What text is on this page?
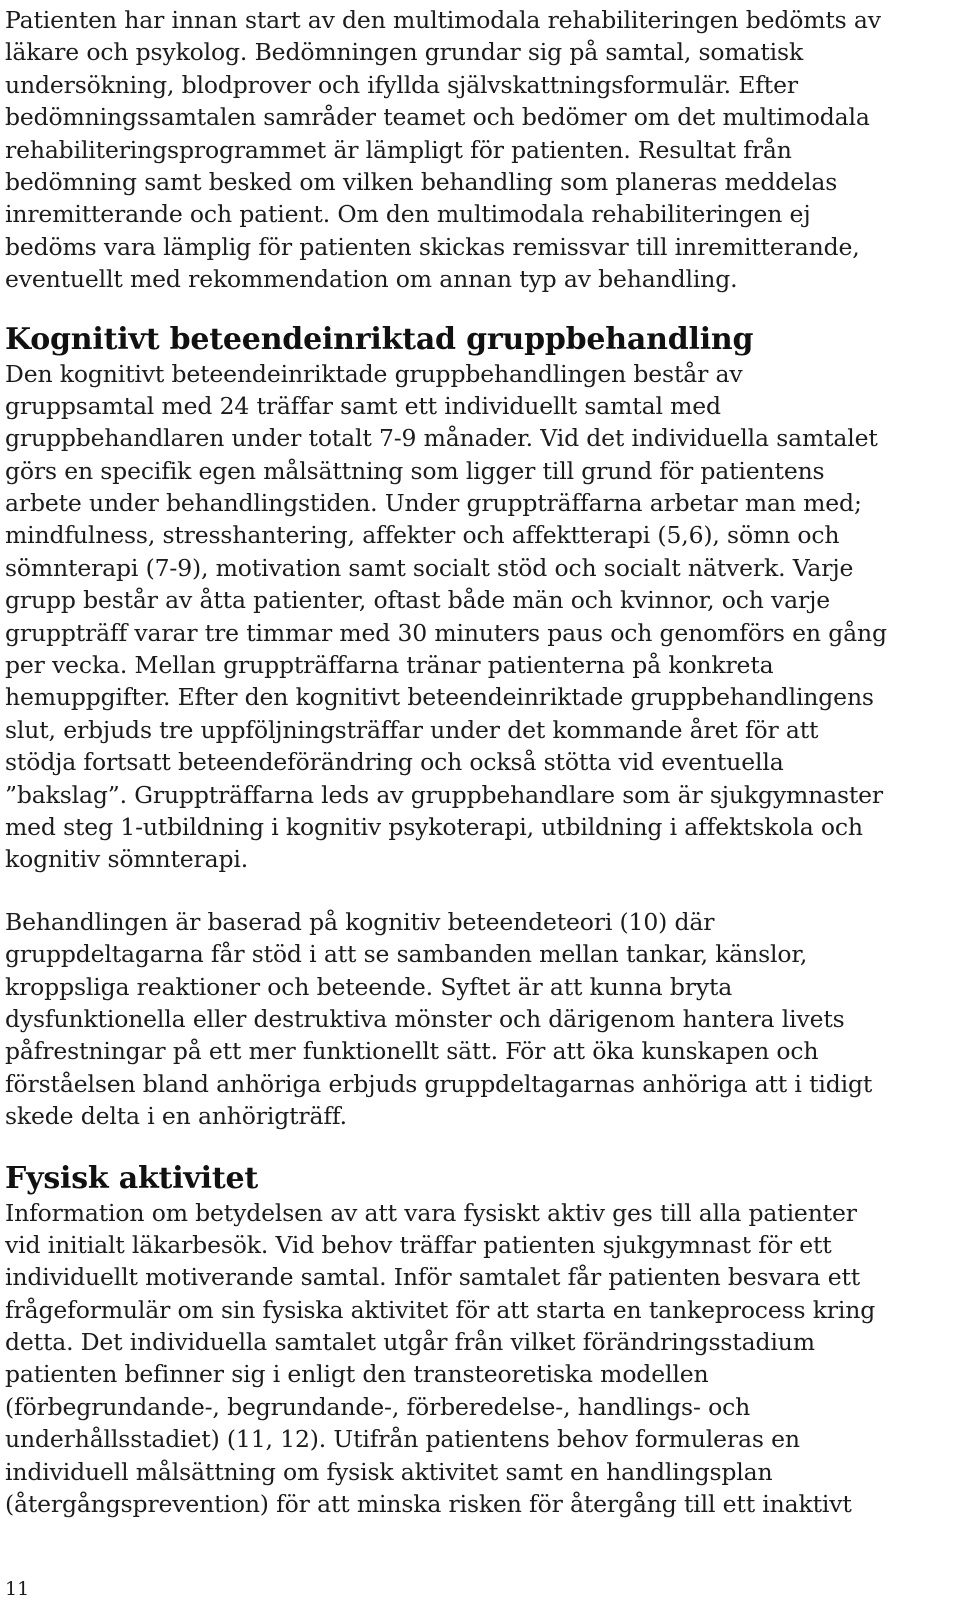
Patienten har innan start av den multimodala rehabiliteringen bedömts av
läkare och psykolog. Bedömningen grundar sig på samtal, somatisk
undersökning, blodprover och ifyllda självskattningsformulär. Efter
bedömningssamtalen samråder teamet och bedömer om det multimodala
rehabiliteringsprogrammet är lämpligt för patienten. Resultat från
bedömning samt besked om vilken behandling som planeras meddelas
inremitterande och patient. Om den multimodala rehabiliteringen ej
bedöms vara lämplig för patienten skickas remissvar till inremitterande,
eventuellt med rekommendation om annan typ av behandling.
Kognitivt beteendeinriktad gruppbehandling
Den kognitivt beteendeinriktade gruppbehandlingen består av
gruppsamtal med 24 träffar samt ett individuellt samtal med
gruppbehandlaren under totalt 7-9 månader. Vid det individuella samtalet
görs en specifik egen målsättning som ligger till grund för patientens
arbete under behandlingstiden. Under gruppträffarna arbetar man med;
mindfulness, stresshantering, affekter och affektterapi (5,6), sömn och
sömnterapi (7-9), motivation samt socialt stöd och socialt nätverk. Varje
grupp består av åtta patienter, oftast både män och kvinnor, och varje
gruppträff varar tre timmar med 30 minuters paus och genomförs en gång
per vecka. Mellan gruppträffarna tränar patienterna på konkreta
hemuppgifter. Efter den kognitivt beteendeinriktade gruppbehandlingens
slut, erbjuds tre uppföljningsträffar under det kommande året för att
stödja fortsatt beteendeförändring och också stötta vid eventuella
”bakslag”. Gruppträffarna leds av gruppbehandlare som är sjukgymnaster
med steg 1-utbildning i kognitiv psykoterapi, utbildning i affektskola och
kognitiv sömnterapi.
Behandlingen är baserad på kognitiv beteendeteori (10) där
gruppdeltagarna får stöd i att se sambanden mellan tankar, känslor,
kroppsliga reaktioner och beteende. Syftet är att kunna bryta
dysfunktionella eller destruktiva mönster och därigenom hantera livets
påfrestningar på ett mer funktionellt sätt. För att öka kunskapen och
förståelsen bland anhöriga erbjuds gruppdeltagarnas anhöriga att i tidigt
skede delta i en anhörigträff.
Fysisk aktivitet
Information om betydelsen av att vara fysiskt aktiv ges till alla patienter
vid initialt läkarbesök. Vid behov träffar patienten sjukgymnast för ett
individuellt motiverande samtal. Inför samtalet får patienten besvara ett
frågeformulär om sin fysiska aktivitet för att starta en tankeprocess kring
detta. Det individuella samtalet utgår från vilket förändringsstadium
patienten befinner sig i enligt den transteoretiska modellen
(förbegrundande-, begrundande-, förberedelse-, handlings- och
underhållsstadiet) (11, 12). Utifrån patientens behov formuleras en
individuell målsättning om fysisk aktivitet samt en handlingsplan
(återgångsprevention) för att minska risken för återgång till ett inaktivt
11
